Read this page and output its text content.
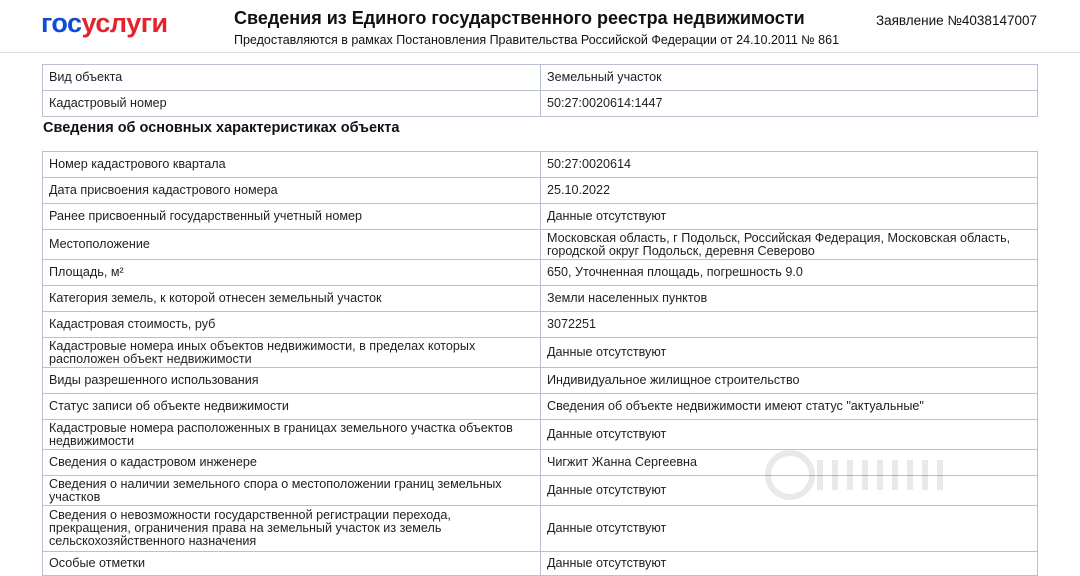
госуслуги	Сведения из Единого государственного реестра недвижимости
Предоставляются в рамках Постановления Правительства Российской Федерации от 24.10.2011 № 861
Заявление №4038147007
Вид объекта	Земельный участок
Кадастровый номер	50:27:0020614:1447
Сведения об основных характеристиках объекта
Номер кадастрового квартала	50:27:0020614
Дата присвоения кадастрового номера	25.10.2022
Ранее присвоенный государственный учетный номер	Данные отсутствуют
Местоположение	Московская область, г Подольск, Российская Федерация, Московская область, городской округ Подольск, деревня Северово
Площадь, м²	650, Уточненная площадь, погрешность 9.0
Категория земель, к которой отнесен земельный участок	Земли населенных пунктов
Кадастровая стоимость, руб	3072251
Кадастровые номера иных объектов недвижимости, в пределах которых расположен объект недвижимости	Данные отсутствуют
Виды разрешенного использования	Индивидуальное жилищное строительство
Статус записи об объекте недвижимости	Сведения об объекте недвижимости имеют статус "актуальные"
Кадастровые номера расположенных в границах земельного участка объектов недвижимости	Данные отсутствуют
Сведения о кадастровом инженере	Чигжит Жанна Сергеевна
Сведения о наличии земельного спора о местоположении границ земельных участков	Данные отсутствуют
Сведения о невозможности государственной регистрации перехода, прекращения, ограничения права на земельный участок из земель сельскохозяйственного назначения	Данные отсутствуют
Особые отметки	Данные отсутствуют
